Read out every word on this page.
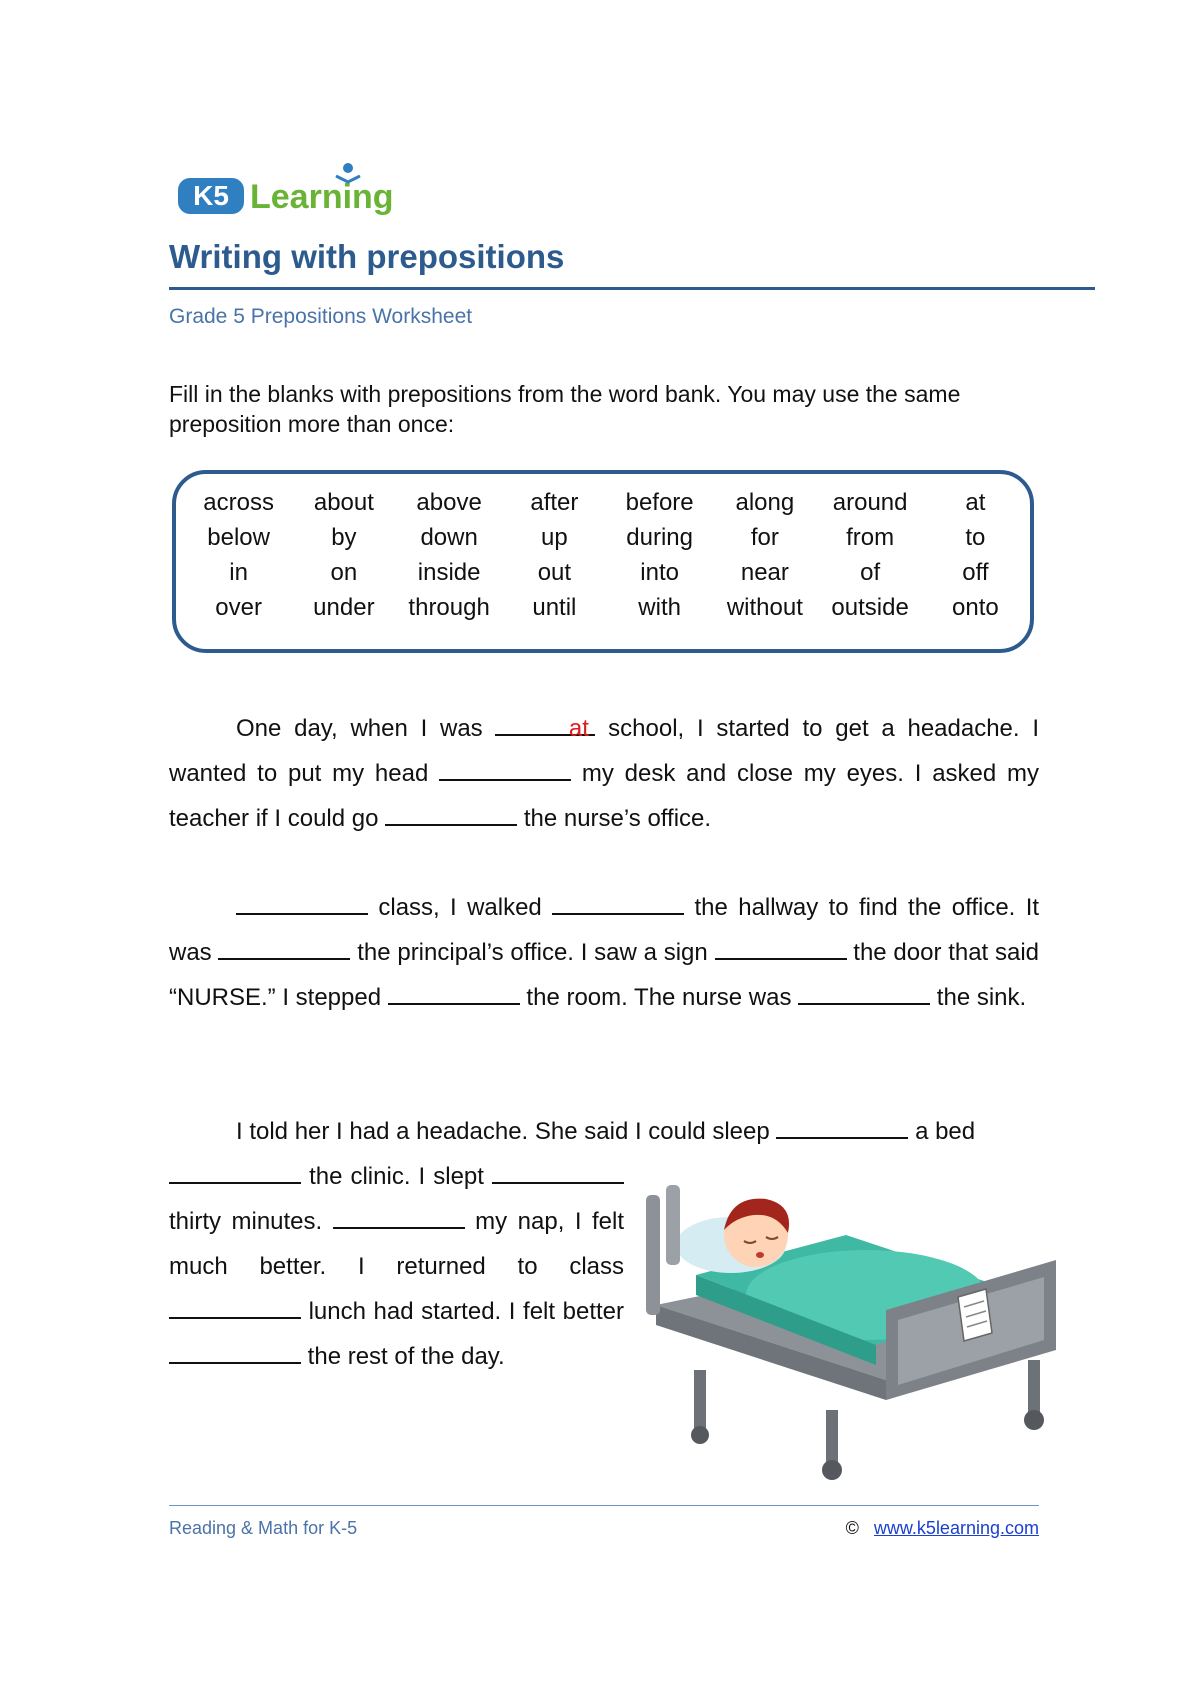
K5 Learning
Writing with prepositions
Grade 5 Prepositions Worksheet
Fill in the blanks with prepositions from the word bank. You may use the same preposition more than once:
across	about	above	after	before	along	around	at
below	by	down	up	during	for	from	to
in	on	inside	out	into	near	of	off
over	under	through	until	with	without	outside	onto

One day, when I was	at school, I started to get a headache. I wanted to put my head	my desk and close my eyes. I asked my teacher if I could go	the nurse’s office.

class, I walked	the hallway to find the office. It was	the principal’s office. I saw a sign	the door that said “NURSE.” I stepped	the room. The nurse was	the sink.

I told her I had a headache. She said I could sleep	a bed

the clinic. I slept  thirty minutes.	my nap, I felt much better. I returned to class  lunch had started. I felt better  the rest of the day.

Reading & Math for K-5	© www.k5learning.com
